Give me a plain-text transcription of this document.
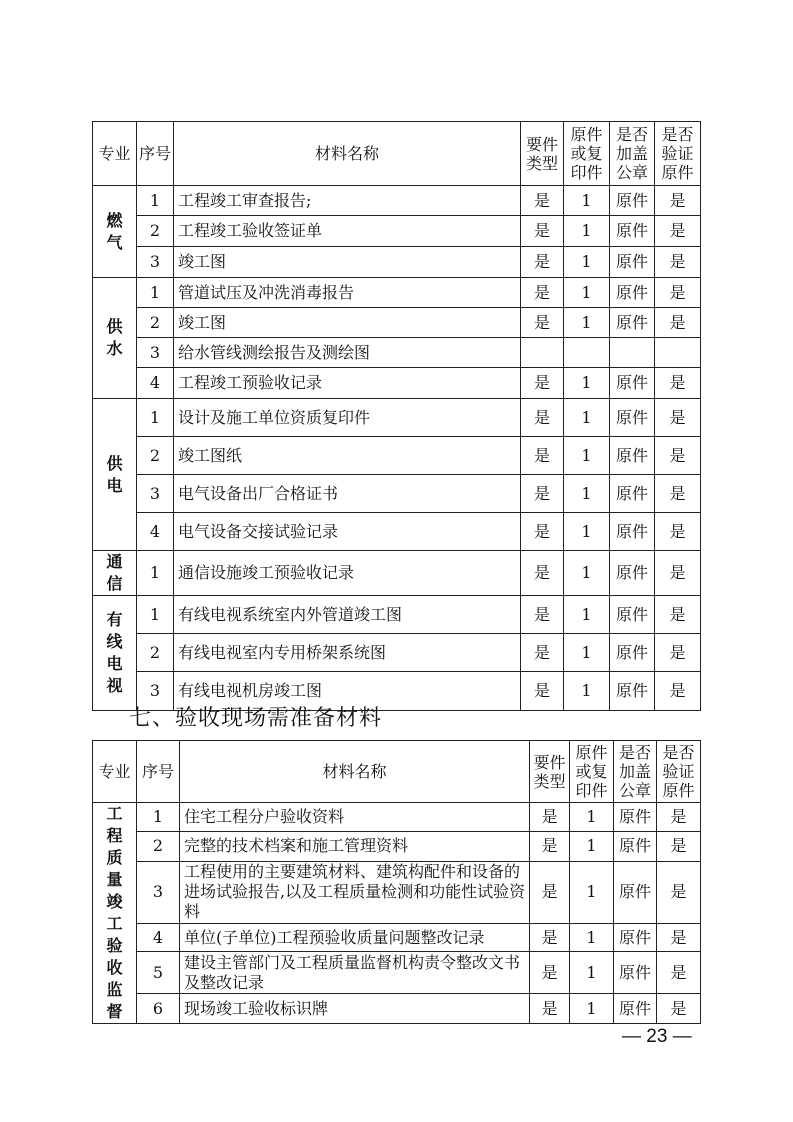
专业	序号	材料名称	要件类型	原件或复印件	是否加盖公章	是否验证原件

燃气	1	工程竣工审查报告;	是	1	原件	是
	2	工程竣工验收签证单	是	1	原件	是
	3	竣工图	是	1	原件	是
供水	1	管道试压及冲洗消毒报告	是	1	原件	是
	2	竣工图	是	1	原件	是
	3	给水管线测绘报告及测绘图				
	4	工程竣工预验收记录	是	1	原件	是
供电	1	设计及施工单位资质复印件	是	1	原件	是
	2	竣工图纸	是	1	原件	是
	3	电气设备出厂合格证书	是	1	原件	是
	4	电气设备交接试验记录	是	1	原件	是
通信	1	通信设施竣工预验收记录	是	1	原件	是
有线电视	1	有线电视系统室内外管道竣工图	是	1	原件	是
	2	有线电视室内专用桥架系统图	是	1	原件	是
	3	有线电视机房竣工图	是	1	原件	是
七、验收现场需准备材料
专业	序号	材料名称	要件类型	原件或复印件	是否加盖公章	是否验证原件

工程质量竣工验收监督	1	住宅工程分户验收资料	是	1	原件	是
	2	完整的技术档案和施工管理资料	是	1	原件	是
	3	工程使用的主要建筑材料、建筑构配件和设备的进场试验报告,以及工程质量检测和功能性试验资料	是	1	原件	是
	4	单位(子单位)工程预验收质量问题整改记录	是	1	原件	是
	5	建设主管部门及工程质量监督机构责令整改文书及整改记录	是	1	原件	是
	6	现场竣工验收标识牌	是	1	原件	是
— 23 —
